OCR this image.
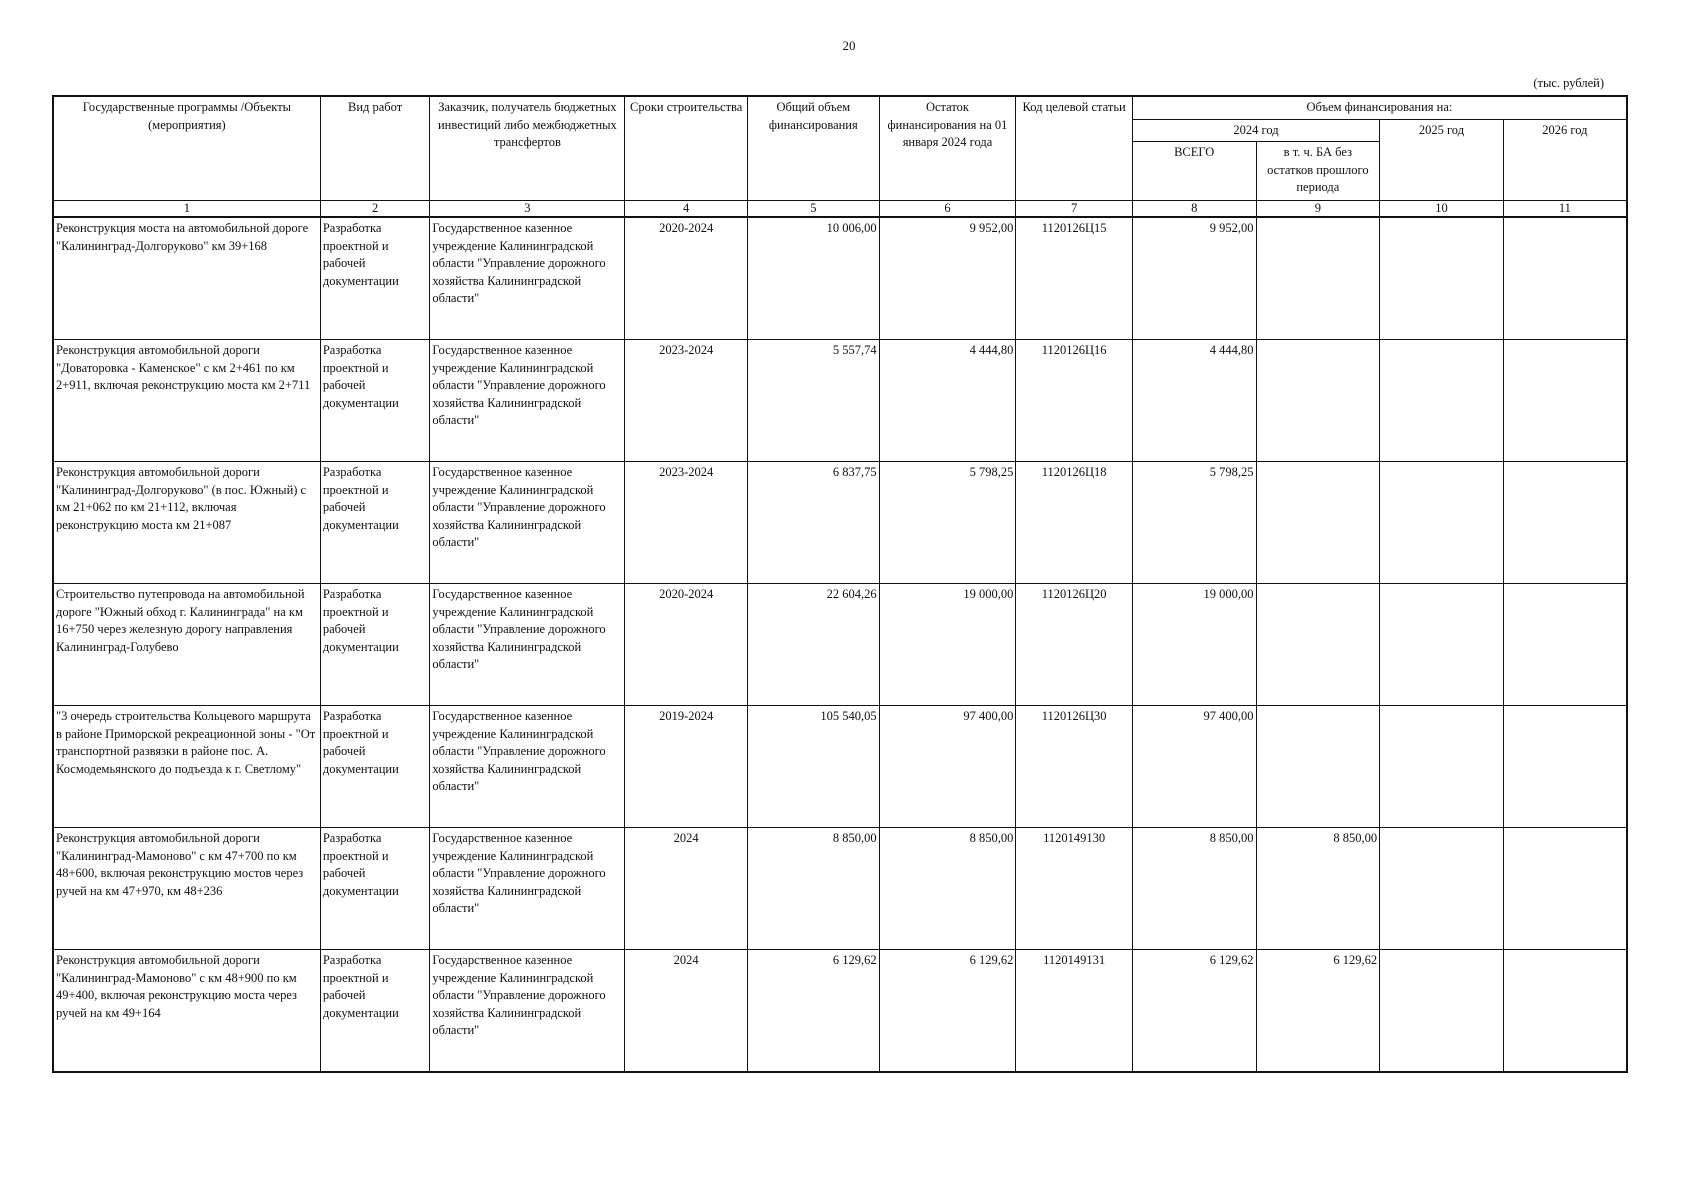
20
(тыс. рублей)
Государственные программы /Объекты (мероприятия)	Вид работ	Заказчик, получатель бюджетных инвестиций либо межбюджетных трансфертов	Сроки строительства	Общий объем финансирования	Остаток финансирования на 01 января 2024 года	Код целевой статьи	Объем финансирования на:			
							2024 год		2025 год	2026 год
							ВСЕГО	в т. ч. БА без остатков прошлого периода		
1	2	3	4	5	6	7	8	9	10	11
Реконструкция моста на автомобильной дороге "Калининград-Долгоруково" км 39+168	Разработка проектной и рабочей документации	Государственное казенное учреждение Калининградской области "Управление дорожного хозяйства Калининградской области"	2020-2024	10 006,00	9 952,00	1120126Ц15	9 952,00			
Реконструкция автомобильной дороги "Доваторовка - Каменское" с км 2+461 по км 2+911, включая реконструкцию моста км 2+711	Разработка проектной и рабочей документации	Государственное казенное учреждение Калининградской области "Управление дорожного хозяйства Калининградской области"	2023-2024	5 557,74	4 444,80	1120126Ц16	4 444,80			
Реконструкция автомобильной дороги "Калининград-Долгоруково" (в пос. Южный) с км 21+062 по км 21+112, включая реконструкцию моста км 21+087	Разработка проектной и рабочей документации	Государственное казенное учреждение Калининградской области "Управление дорожного хозяйства Калининградской области"	2023-2024	6 837,75	5 798,25	1120126Ц18	5 798,25			
Строительство путепровода на автомобильной дороге "Южный обход г. Калининграда" на км 16+750 через железную дорогу направления Калининград-Голубево	Разработка проектной и рабочей документации	Государственное казенное учреждение Калининградской области "Управление дорожного хозяйства Калининградской области"	2020-2024	22 604,26	19 000,00	1120126Ц20	19 000,00			
"3 очередь строительства Кольцевого маршрута в районе Приморской рекреационной зоны - "От транспортной развязки в районе пос. А. Космодемьянского до подъезда к г. Светлому"	Разработка проектной и рабочей документации	Государственное казенное учреждение Калининградской области "Управление дорожного хозяйства Калининградской области"	2019-2024	105 540,05	97 400,00	1120126Ц30	97 400,00			
Реконструкция автомобильной дороги "Калининград-Мамоново" с км 47+700 по км 48+600, включая реконструкцию мостов через ручей на км 47+970, км 48+236	Разработка проектной и рабочей документации	Государственное казенное учреждение Калининградской области "Управление дорожного хозяйства Калининградской области"	2024	8 850,00	8 850,00	1120149130	8 850,00	8 850,00		
Реконструкция автомобильной дороги "Калининград-Мамоново" с км 48+900 по км 49+400, включая реконструкцию моста через ручей на км 49+164	Разработка проектной и рабочей документации	Государственное казенное учреждение Калининградской области "Управление дорожного хозяйства Калининградской области"	2024	6 129,62	6 129,62	1120149131	6 129,62	6 129,62		
